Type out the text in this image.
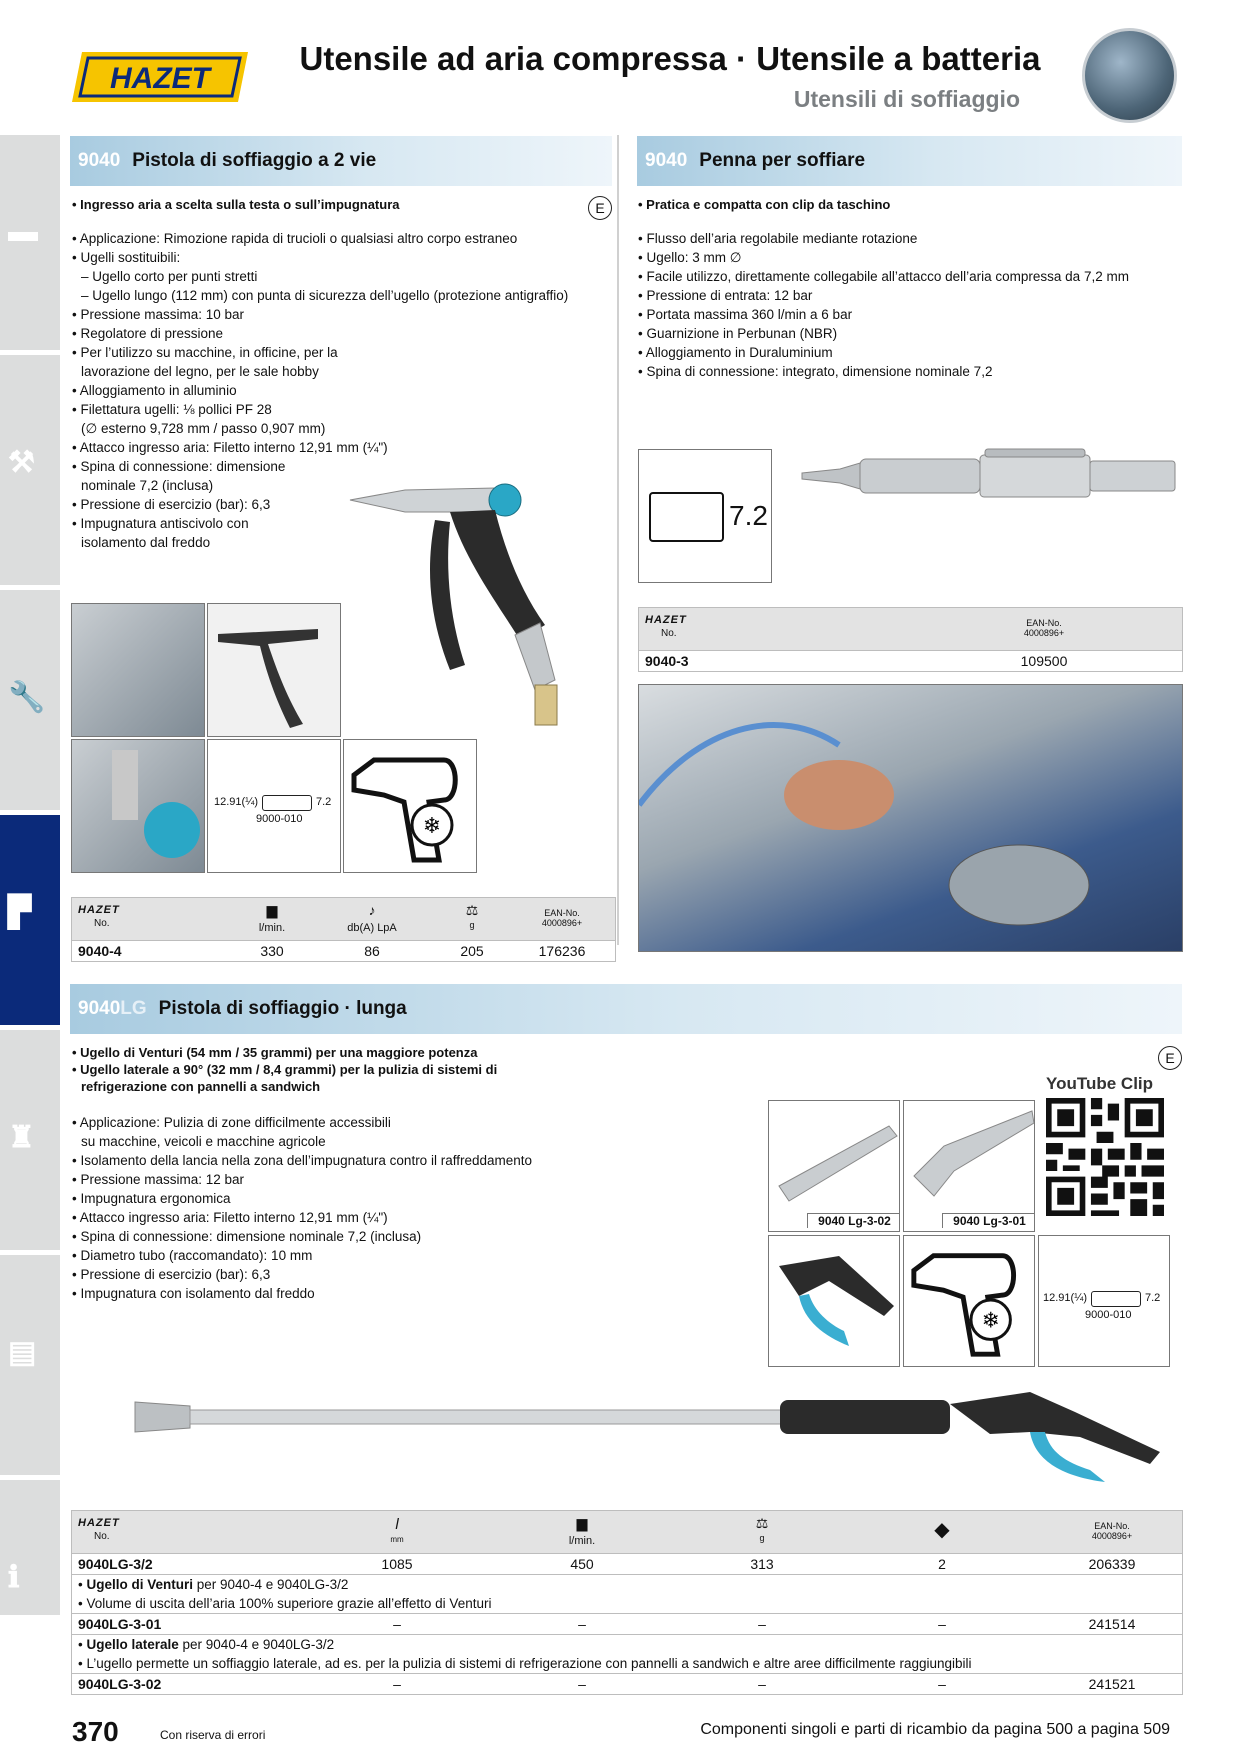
HAZET
Utensile ad aria compressa · Utensile a batteria
Utensili di soffiaggio
▬
⚒
🔧
▛
♜
▤
ℹ
9040 Pistola di soffiaggio a 2 vie
• Ingresso aria a scelta sulla testa o sull’impugnatura	E
• Applicazione: Rimozione rapida di trucioli o qualsiasi altro corpo estraneo
• Ugelli sostituibili:
– Ugello corto per punti stretti
– Ugello lungo (112 mm) con punta di sicurezza dell’ugello (protezione antigraffio)
• Pressione massima: 10 bar
• Regolatore di pressione
• Per l’utilizzo su macchine, in officine, per la
lavorazione del legno, per le sale hobby
• Alloggiamento in alluminio
• Filettatura ugelli: ⅛ pollici PF 28
(∅ esterno 9,728 mm / passo 0,907 mm)
• Attacco ingresso aria: Filetto interno 12,91 mm (¼")
• Spina di connessione: dimensione
nominale 7,2 (inclusa)
• Pressione di esercizio (bar): 6,3
• Impugnatura antiscivolo con
isolamento dal freddo
12.91(¼)	7.2
9000-010	❄
HAZET
No.
▆
l/min.
♪
db(A) LpA
⚖
g
EAN-No.
4000896+
9040-4	330	86	205	176236
9040 Penna per soffiare
• Pratica e compatta con clip da taschino
• Flusso dell’aria regolabile mediante rotazione
• Ugello: 3 mm ∅
• Facile utilizzo, direttamente collegabile all’attacco dell’aria compressa da 7,2 mm
• Pressione di entrata: 12 bar
• Portata massima 360 l/min a 6 bar
• Guarnizione in Perbunan (NBR)
• Alloggiamento in Duraluminium
• Spina di connessione: integrato, dimensione nominale 7,2
7.2
HAZET
No.
EAN-No.
4000896+
9040-3	109500
9040LG Pistola di soffiaggio · lunga
• Ugello di Venturi (54 mm / 35 grammi) per una maggiore potenza
• Ugello laterale a 90° (32 mm / 8,4 grammi) per la pulizia di sistemi di
refrigerazione con pannelli a sandwich
E
• Applicazione: Pulizia di zone difficilmente accessibili
su macchine, veicoli e macchine agricole
• Isolamento della lancia nella zona dell’impugnatura contro il raffreddamento
• Pressione massima: 12 bar
• Impugnatura ergonomica
• Attacco ingresso aria: Filetto interno 12,91 mm (¼")
• Spina di connessione: dimensione nominale 7,2 (inclusa)
• Diametro tubo (raccomandato): 10 mm
• Pressione di esercizio (bar): 6,3
• Impugnatura con isolamento dal freddo
YouTube Clip
9040 Lg-3-02	9040 Lg-3-01
❄
12.91(¼)	7.2
9000-010
HAZET
No.
l
mm
▆
l/min.
⚖
g	◆	EAN-No.
4000896+
9040LG-3/2	1085	450	313	2	206339
• Ugello di Venturi per 9040-4 e 9040LG-3/2
• Volume di uscita dell’aria 100% superiore grazie all’effetto di Venturi
9040LG-3-01	–	–	–	–	241514
• Ugello laterale per 9040-4 e 9040LG-3/2
• L’ugello permette un soffiaggio laterale, ad es. per la pulizia di sistemi di refrigerazione con pannelli a sandwich e altre aree difficilmente raggiungibili
9040LG-3-02	–	–	–	–	241521
370	Con riserva di errori	Componenti singoli e parti di ricambio da pagina 500 a pagina 509
